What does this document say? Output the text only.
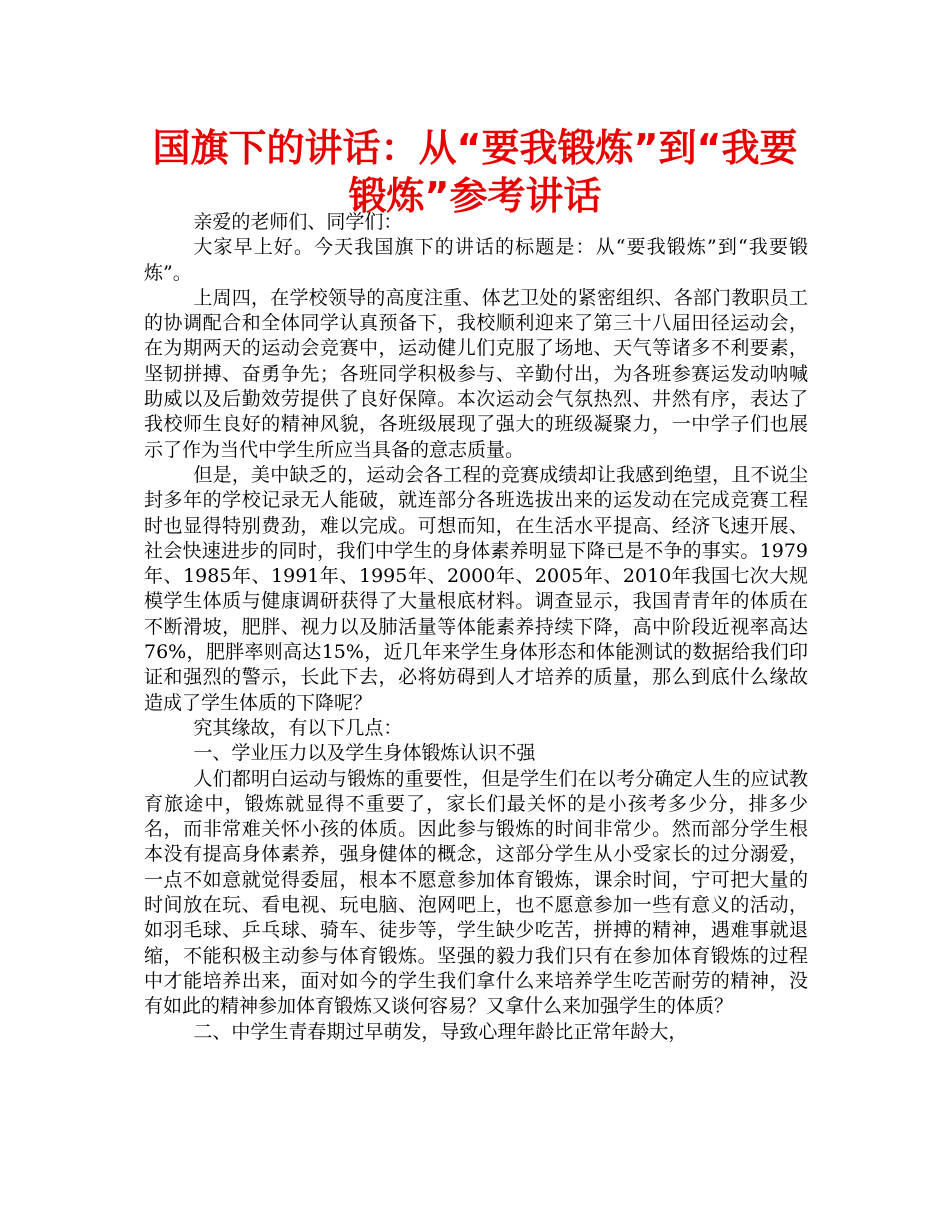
国旗下的讲话：从“要我锻炼”到“我要锻炼”参考讲话

亲爱的老师们、同学们：

大家早上好。今天我国旗下的讲话的标题是：从“要我锻炼”到“我要锻炼”。

上周四，在学校领导的高度注重、体艺卫处的紧密组织、各部门教职员工的协调配合和全体同学认真预备下，我校顺利迎来了第三十八届田径运动会，在为期两天的运动会竞赛中，运动健儿们克服了场地、天气等诸多不利要素，坚韧拼搏、奋勇争先；各班同学积极参与、辛勤付出，为各班参赛运发动呐喊助威以及后勤效劳提供了良好保障。本次运动会气氛热烈、井然有序，表达了我校师生良好的精神风貌，各班级展现了强大的班级凝聚力，一中学子们也展示了作为当代中学生所应当具备的意志质量。

但是，美中缺乏的，运动会各工程的竞赛成绩却让我感到绝望，且不说尘封多年的学校记录无人能破，就连部分各班选拔出来的运发动在完成竞赛工程时也显得特别费劲，难以完成。可想而知，在生活水平提高、经济飞速开展、社会快速进步的同时，我们中学生的身体素养明显下降已是不争的事实。1979年、1985年、1991年、1995年、2000年、2005年、2010年我国七次大规模学生体质与健康调研获得了大量根底材料。调查显示，我国青青年的体质在不断滑坡，肥胖、视力以及肺活量等体能素养持续下降，高中阶段近视率高达76%，肥胖率则高达15%，近几年来学生身体形态和体能测试的数据给我们印证和强烈的警示，长此下去，必将妨碍到人才培养的质量，那么到底什么缘故造成了学生体质的下降呢？

究其缘故，有以下几点：

一、学业压力以及学生身体锻炼认识不强

人们都明白运动与锻炼的重要性，但是学生们在以考分确定人生的应试教育旅途中，锻炼就显得不重要了，家长们最关怀的是小孩考多少分，排多少名，而非常难关怀小孩的体质。因此参与锻炼的时间非常少。然而部分学生根本没有提高身体素养，强身健体的概念，这部分学生从小受家长的过分溺爱，一点不如意就觉得委屈，根本不愿意参加体育锻炼，课余时间，宁可把大量的时间放在玩、看电视、玩电脑、泡网吧上，也不愿意参加一些有意义的活动，如羽毛球、乒乓球、骑车、徒步等，学生缺少吃苦，拼搏的精神，遇难事就退缩，不能积极主动参与体育锻炼。坚强的毅力我们只有在参加体育锻炼的过程中才能培养出来，面对如今的学生我们拿什么来培养学生吃苦耐劳的精神，没有如此的精神参加体育锻炼又谈何容易？又拿什么来加强学生的体质？

二、中学生青春期过早萌发，导致心理年龄比正常年龄大，
